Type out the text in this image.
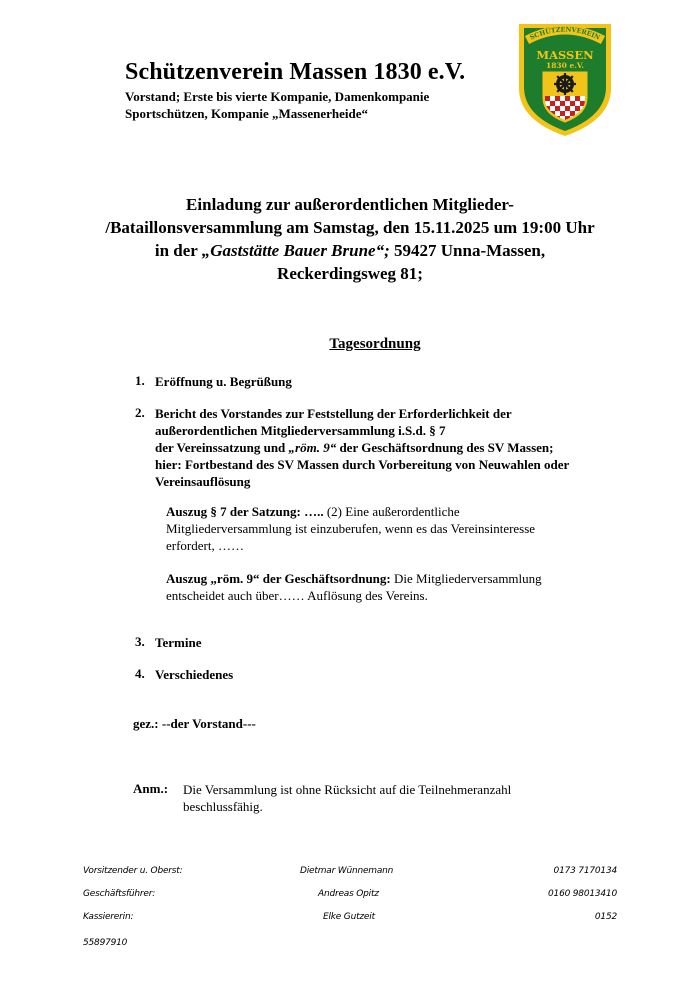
Schützenverein Massen 1830 e.V.
Vorstand; Erste bis vierte Kompanie, Damenkompanie
Sportschützen, Kompanie „Massenerheide“
SCHÜTZENVEREIN
MASSEN
1830 e.V.
Einladung zur außerordentlichen Mitglieder-
/Bataillonsversammlung am Samstag, den 15.11.2025 um 19:00 Uhr
in der „Gaststätte Bauer Brune“; 59427 Unna-Massen,
Reckerdingsweg 81;
Tagesordnung
1. Eröffnung u. Begrüßung
2. Bericht des Vorstandes zur Feststellung der Erforderlichkeit der
außerordentlichen Mitgliederversammlung i.S.d. § 7
der Vereinssatzung und „röm. 9“ der Geschäftsordnung des SV Massen;
hier: Fortbestand des SV Massen durch Vorbereitung von Neuwahlen oder
Vereinsauflösung
Auszug § 7 der Satzung: ….. (2) Eine außerordentliche
Mitgliederversammlung ist einzuberufen, wenn es das Vereinsinteresse
erfordert, ……
Auszug „röm. 9“ der Geschäftsordnung: Die Mitgliederversammlung
entscheidet auch über…… Auflösung des Vereins.
3. Termine
4. Verschiedenes
gez.: --der Vorstand---
Anm.: Die Versammlung ist ohne Rücksicht auf die Teilnehmeranzahl
beschlussfähig.
Vorsitzender u. Oberst:	Dietmar Wünnemann	0173 7170134
Geschäftsführer:	Andreas Opitz	0160 98013410
Kassiererin:	Elke Gutzeit	0152
55897910
